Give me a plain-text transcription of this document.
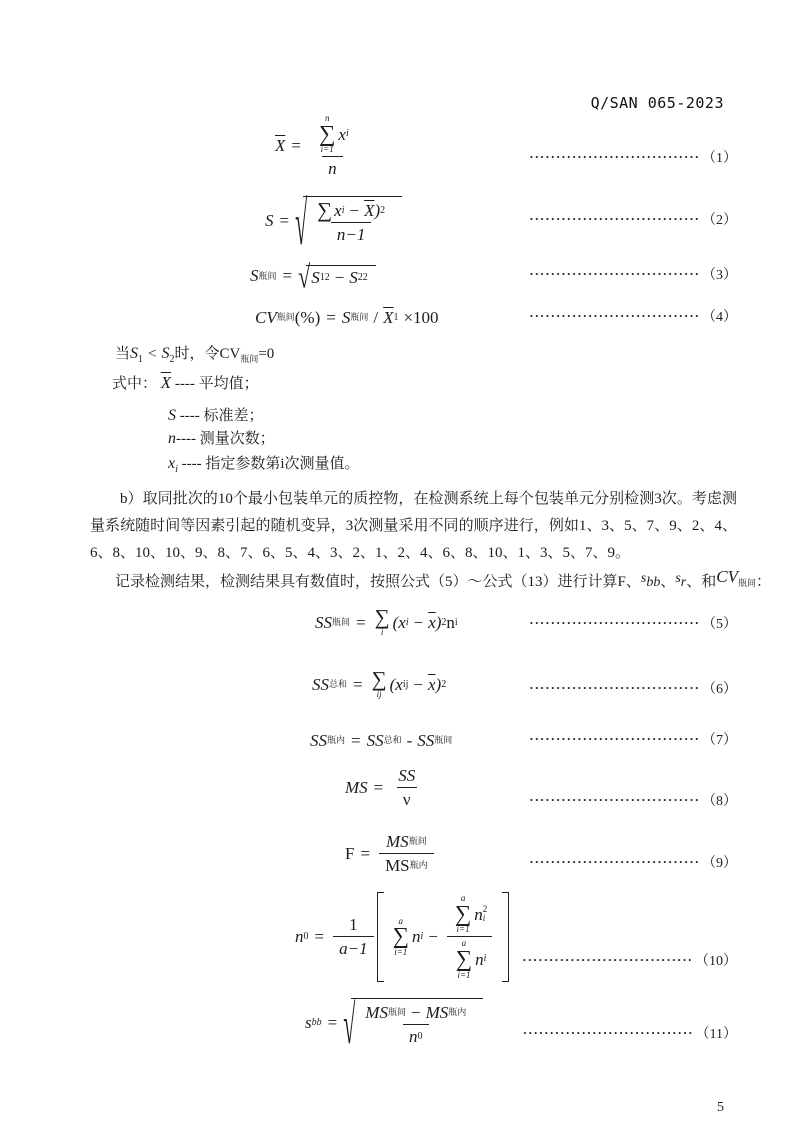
Q/SAN 065-2023
$\overline{X} = n$
∑
i=1
x i
n	································ （1）
S = √ ∑ x $i - \overline{X}$ ) 2
n−1
································ （2）
S 瓶间 = √ S 1 2 − S 2 2	································ （3）
CV 瓶间 (%) = S 瓶间 / $\overline{X}$ 1 ×100	································ （4）
当$S_1 < S_2$时，令$CV_{瓶间}=0$
式中： $\overline{X}$ ---- 平均值；
S ---- 标准差；
n---- 测量次数；
$x_i$ ---- 指定参数第i次测量值。
b）取同批次的10个最小包装单元的质控物，在检测系统上每个包装单元分别检测3次。考虑测量系统随时间等因素引起的随机变异，3次测量采用不同的顺序进行，例如1、3、5、7、9、2、4、6、8、10、10、9、8、7、6、5、4、3、2、1、2、4、6、8、10、1、3、5、7、9。
记录检测结果，检测结果具有数值时，按照公式（5）～公式（13）进行计算F、$s_{bb}$、$s_r$、和$CV_{瓶间}$：
SS 瓶间 = ∑
i
(x $i - \overline{x}$ ) 2 n i	································ （5）
SS 总和 = ∑
ij
(x ij − $\overline{x}$ ) 2	································ （6）
SS 瓶内 = SS 总和 - SS 瓶间	································ （7）
MS = $\frac{SS}{\nu}$	································ （8）
$F = \frac{\text{MS 瓶间}}{\text{MS 瓶内}}$	································ （9）
n $0 = \frac{1}{a-1}$	a
∑
i=1
n i − a
∑
i=1
n 2
i
a
∑
i=1
n i ································ （10）
s bb = √ $\frac{\text{MS 瓶间 − MS 瓶内}}{n 0}$	································ （11）
5
